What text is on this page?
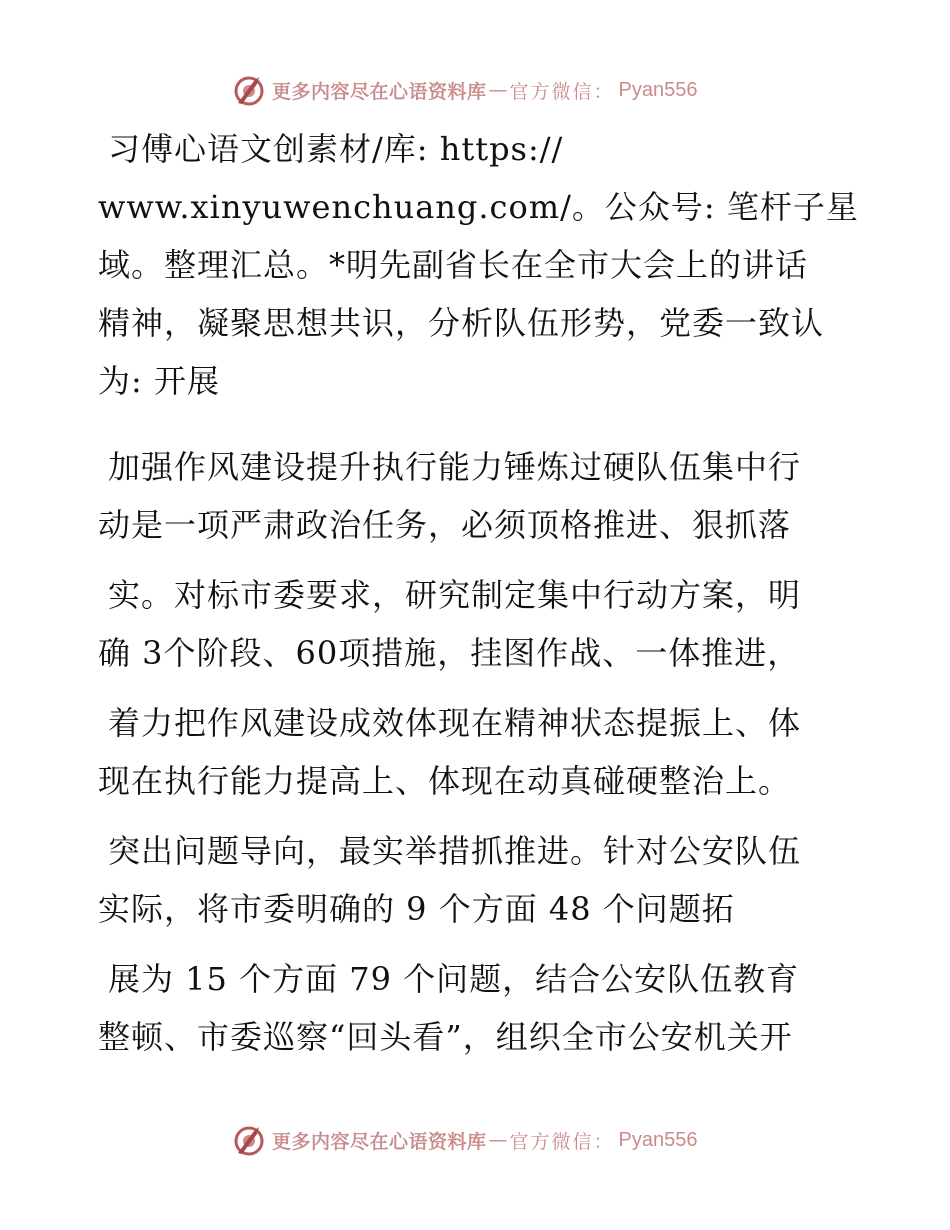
更多内容尽在心语资料库 — 官方微信： Pyan556
习傅心语文创素材/库: https://
www.xinyuwenchuang.com/。公众号: 笔杆子星
域。整理汇总。*明先副省长在全市大会上的讲话
精神，凝聚思想共识，分析队伍形势，党委一致认
为: 开展
加强作风建设提升执行能力锤炼过硬队伍集中行
动是一项严肃政治任务，必须顶格推进、狠抓落
实。对标市委要求，研究制定集中行动方案，明
确 3个阶段、60项措施，挂图作战、一体推进，
着力把作风建设成效体现在精神状态提振上、体
现在执行能力提高上、体现在动真碰硬整治上。
突出问题导向，最实举措抓推进。针对公安队伍
实际，将市委明确的 9 个方面 48 个问题拓
展为 15 个方面 79 个问题，结合公安队伍教育
整顿、市委巡察“回头看”，组织全市公安机关开
更多内容尽在心语资料库 — 官方微信： Pyan556
